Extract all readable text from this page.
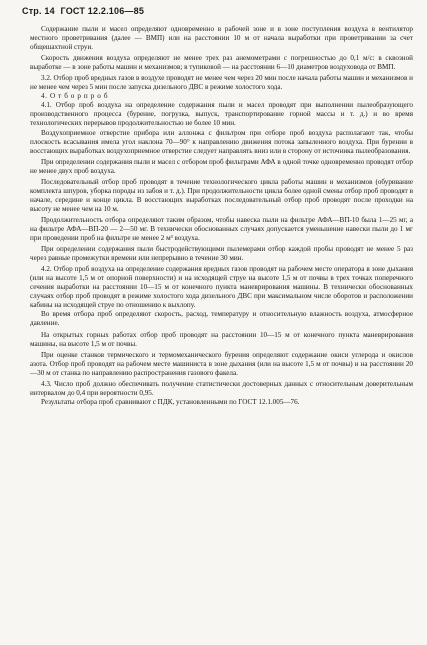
Стр. 14 ГОСТ 12.2.106—85

Содержание пыли и масел определяют одновременно в рабочей зоне и в зоне поступления воздуха в вентилятор местного проветривания (далее — ВМП) или на расстоянии 10 м от начала выработки при проветривании за счет общешахтной струи.

Скорость движения воздуха определяют не менее трех раз анемометрами с погрешностью до 0,1 м/с: в сквозной выработке — в зоне работы машин и механизмов; в тупиковой — на расстоянии 6—10 диаметров воздуховода от ВМП.

3.2. Отбор проб вредных газов в воздухе проводят не менее чем через 20 мин после начала работы машин и механизмов и не менее чем через 5 мин после запуска дизельного ДВС в режиме холостого хода.

4. О т б о р п р о б

4.1. Отбор проб воздуха на определение содержания пыли и масел проводят при выполнении пылеобразующего производственного процесса (бурение, погрузка, выпуск, транспортирование горной массы и т. д.) и во время технологических перерывов продолжительностью не более 10 мин.

Воздухоприемное отверстие прибора или аллонжа с фильтром при отборе проб воздуха располагают так, чтобы плоскость всасывания имела угол наклона 70—90° к направлению движения потока запыленного воздуха. При бурении в восстающих выработках воздухоприемное отверстие следует направлять вниз или в сторону от источника пылеобразования.

При определении содержания пыли и масел с отбором проб фильтрами АФА в одной точке одновременно проводят отбор не менее двух проб воздуха.

Последовательный отбор проб проводят в течение технологического цикла работы машин и механизмов (обуривание комплекта шпуров, уборка породы из забоя и т. д.). При продолжительности цикла более одной смены отбор проб проводят в начале, середине и конце цикла. В восстающих выработках последовательный отбор проб проводят после проходки на высоту не менее чем на 10 м.

Продолжительность отбора определяют таким образом, чтобы навеска пыли на фильтре АФА—ВП-10 была 1—25 мг, а на фильтре АФА—ВП-20 — 2—50 мг. В технически обоснованных случаях допускается уменьшение навески пыли до 1 мг при проведении проб на фильтре не менее 2 м³ воздуха.

При определении содержания пыли быстродействующими пылемерами отбор каждой пробы проводят не менее 5 раз через равные промежутки времени или непрерывно в течение 30 мин.

4.2. Отбор проб воздуха на определение содержания вредных газов проводят на рабочем месте оператора в зоне дыхания (или на высоте 1,5 м от опорной поверхности) и на исходящей струе на высоте 1,5 м от почвы в трех точках поперечного сечения выработки на расстоянии 10—15 м от конечного пункта маневрирования машины. В технически обоснованных случаях отбор проб проводят в режиме холостого хода дизельного ДВС при максимальном числе оборотов и расположении кабины на исходящей струе по отношению к выхлопу.

Во время отбора проб определяют скорость, расход, температуру и относительную влажность воздуха, атмосферное давление.

На открытых горных работах отбор проб проводят на расстоянии 10—15 м от конечного пункта маневрирования машины, на высоте 1,5 м от почвы.

При оценке станков термического и термомеханического бурения определяют содержание окиси углерода и окислов азота. Отбор проб проводят на рабочем месте машиниста в зоне дыхания (или на высоте 1,5 м от почвы) и на расстоянии 20—30 м от станка по направлению распространения газового факела.

4.3. Число проб должно обеспечивать получение статистически достоверных данных с относительным доверительным интервалом до 0,4 при вероятности 0,95.

Результаты отбора проб сравнивают с ПДК, установленными по ГОСТ 12.1.005—76.
